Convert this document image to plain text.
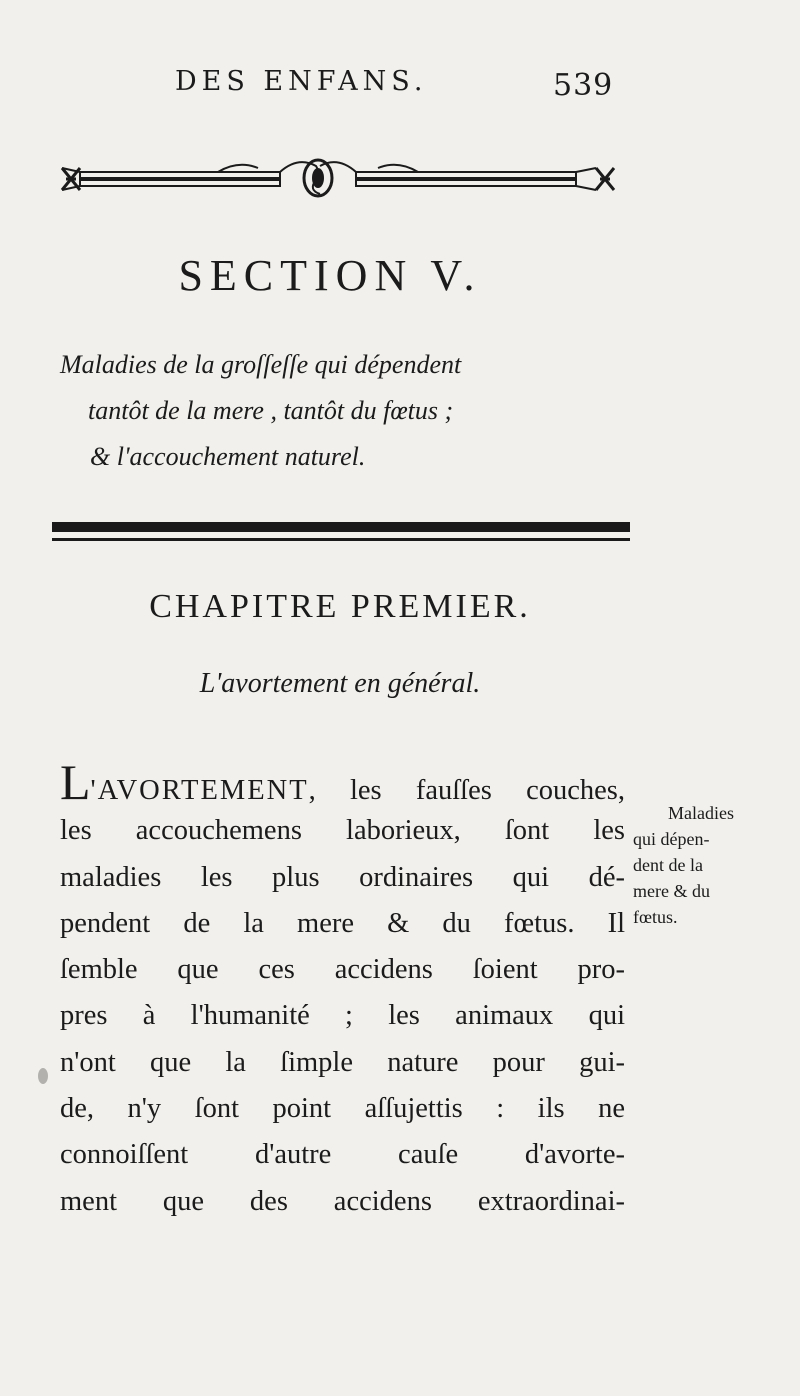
DES ENFANS.	539
SECTION V.
Maladies de la groſſeſſe qui dépendent
tantôt de la mere , tantôt du fœtus ;
& l'accouchement naturel.
CHAPITRE PREMIER.
L'avortement en général.
L'AVORTEMENT, les fauſſes couches,
les accouchemens laborieux, ſont les
maladies les plus ordinaires qui dé-
pendent de la mere & du fœtus. Il
ſemble que ces accidens ſoient pro-
pres à l'humanité ; les animaux qui
n'ont que la ſimple nature pour gui-
de, n'y ſont point aſſujettis : ils ne
connoiſſent d'autre cauſe d'avorte-
ment que des accidens extraordinai-
Maladies
qui dépen-
dent de la
mere & du
fœtus.
